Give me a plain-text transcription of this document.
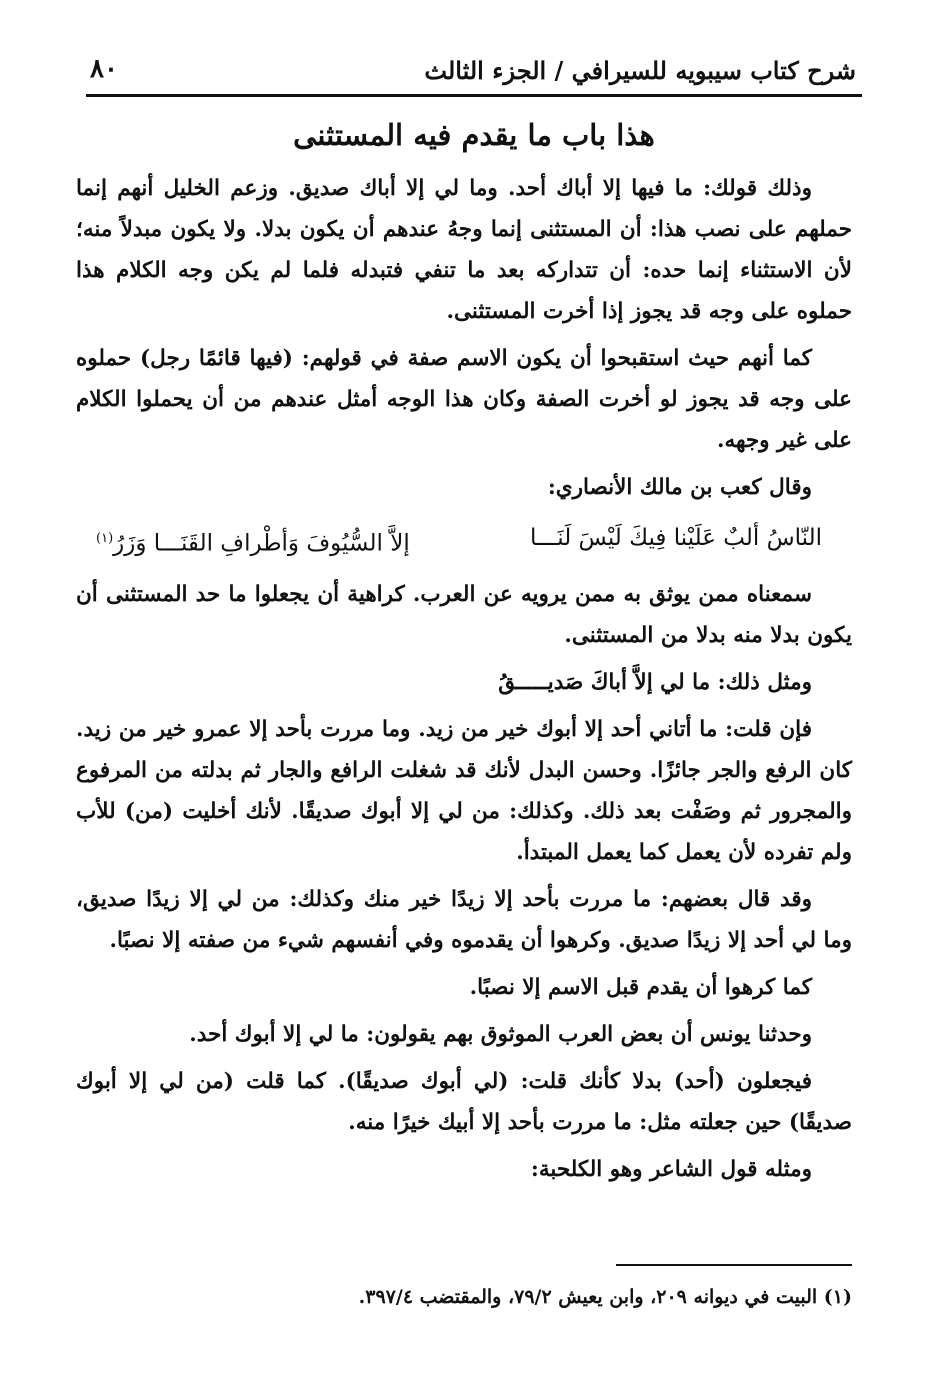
شرح كتاب سيبويه للسيرافي / الجزء الثالث
٨٠
هذا باب ما يقدم فيه المستثنى

وذلك قولك: ما فيها إلا أباك أحد. وما لي إلا أباك صديق. وزعم الخليل أنهم إنما حملهم على نصب هذا: أن المستثنى إنما وجهُ عندهم أن يكون بدلا. ولا يكون مبدلاً منه؛ لأن الاستثناء إنما حده: أن تتداركه بعد ما تنفي فتبدله فلما لم يكن وجه الكلام هذا حملوه على وجه قد يجوز إذا أخرت المستثنى.

كما أنهم حيث استقبحوا أن يكون الاسم صفة في قولهم: (فيها قائمًا رجل) حملوه على وجه قد يجوز لو أخرت الصفة وكان هذا الوجه أمثل عندهم من أن يحملوا الكلام على غير وجهه.

وقال كعب بن مالك الأنصاري:

النّاسُ ألبٌ عَلَيْنا فِيكَ لَيْسَ لَنَـــا
إلاَّ السُّيُوفَ وَأطْرافِ القَنَـــا وَزَرُ$^{(١)}$

سمعناه ممن يوثق به ممن يرويه عن العرب. كراهية أن يجعلوا ما حد المستثنى أن يكون بدلا منه بدلا من المستثنى.

ومثل ذلك: ما لي إلاَّ أباكَ صَديـــــقُ

فإن قلت: ما أتاني أحد إلا أبوك خير من زيد. وما مررت بأحد إلا عمرو خير من زيد. كان الرفع والجر جائزًا. وحسن البدل لأنك قد شغلت الرافع والجار ثم بدلته من المرفوع والمجرور ثم وصَفْت بعد ذلك. وكذلك: من لي إلا أبوك صديقًا. لأنك أخليت (من) للأب ولم تفرده لأن يعمل كما يعمل المبتدأ.

وقد قال بعضهم: ما مررت بأحد إلا زيدًا خير منك وكذلك: من لي إلا زيدًا صديق، وما لي أحد إلا زيدًا صديق. وكرهوا أن يقدموه وفي أنفسهم شيء من صفته إلا نصبًا.

كما كرهوا أن يقدم قبل الاسم إلا نصبًا.

وحدثنا يونس أن بعض العرب الموثوق بهم يقولون: ما لي إلا أبوك أحد.

فيجعلون (أحد) بدلا كأنك قلت: (لي أبوك صديقًا). كما قلت (من لي إلا أبوك صديقًا) حين جعلته مثل: ما مررت بأحد إلا أبيك خيرًا منه.

ومثله قول الشاعر وهو الكلحبة:

(١) البيت في ديوانه ٢٠٩، وابن يعيش ٧٩/٢، والمقتضب ٣٩٧/٤.
